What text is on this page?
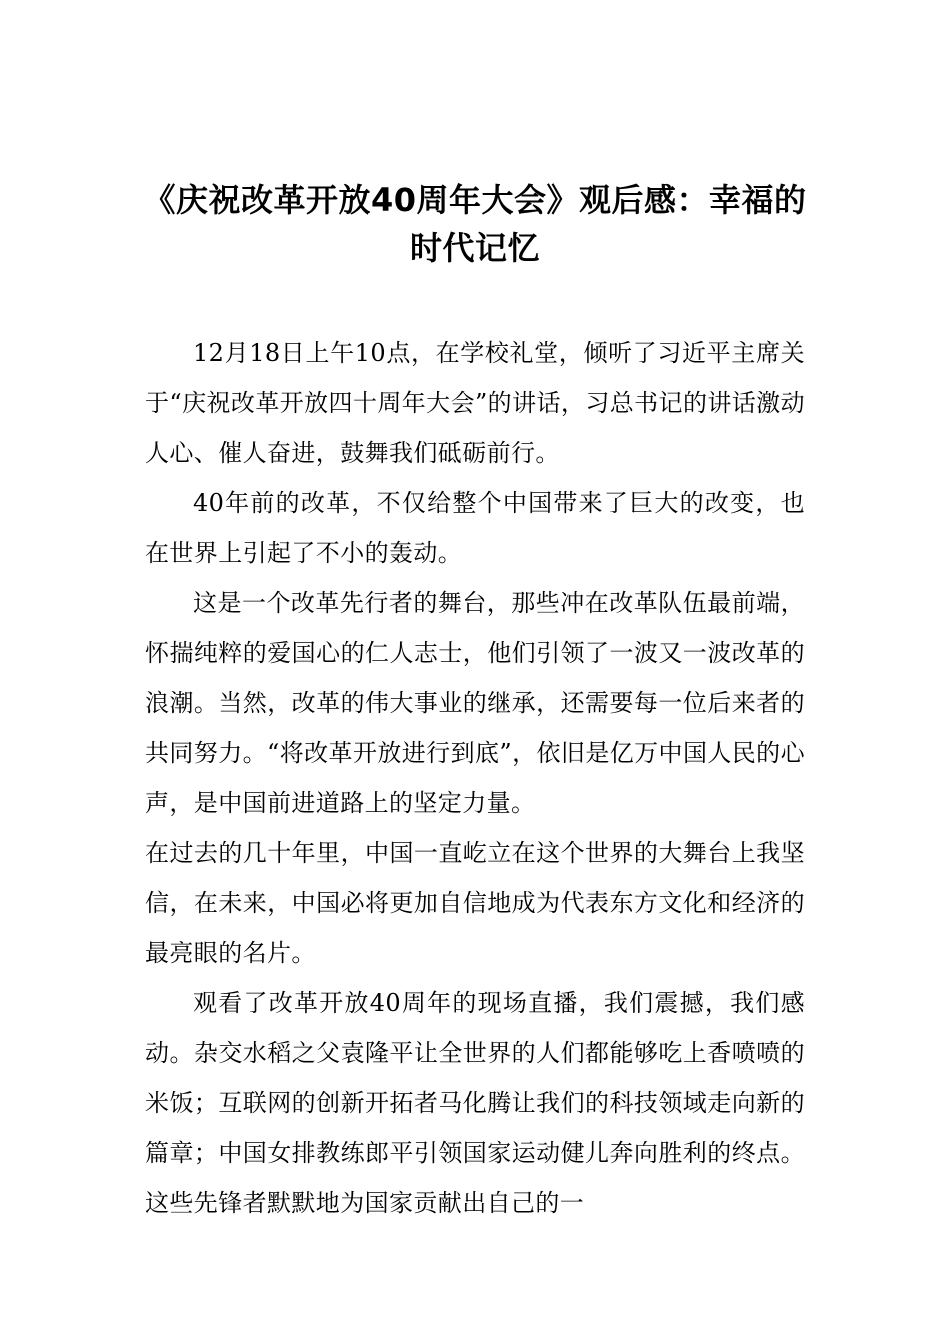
《庆祝改革开放40周年大会》观后感：幸福的时代记忆

12月18日上午10点，在学校礼堂，倾听了习近平主席关于“庆祝改革开放四十周年大会”的讲话，习总书记的讲话激动人心、催人奋进，鼓舞我们砥砺前行。

40年前的改革，不仅给整个中国带来了巨大的改变，也在世界上引起了不小的轰动。

这是一个改革先行者的舞台，那些冲在改革队伍最前端，怀揣纯粹的爱国心的仁人志士，他们引领了一波又一波改革的浪潮。当然，改革的伟大事业的继承，还需要每一位后来者的共同努力。“将改革开放进行到底”，依旧是亿万中国人民的心声，是中国前进道路上的坚定力量。

在过去的几十年里，中国一直屹立在这个世界的大舞台上我坚信，在未来，中国必将更加自信地成为代表东方文化和经济的最亮眼的名片。

观看了改革开放40周年的现场直播，我们震撼，我们感动。杂交水稻之父袁隆平让全世界的人们都能够吃上香喷喷的米饭；互联网的创新开拓者马化腾让我们的科技领域走向新的篇章；中国女排教练郎平引领国家运动健儿奔向胜利的终点。这些先锋者默默地为国家贡献出自己的一
